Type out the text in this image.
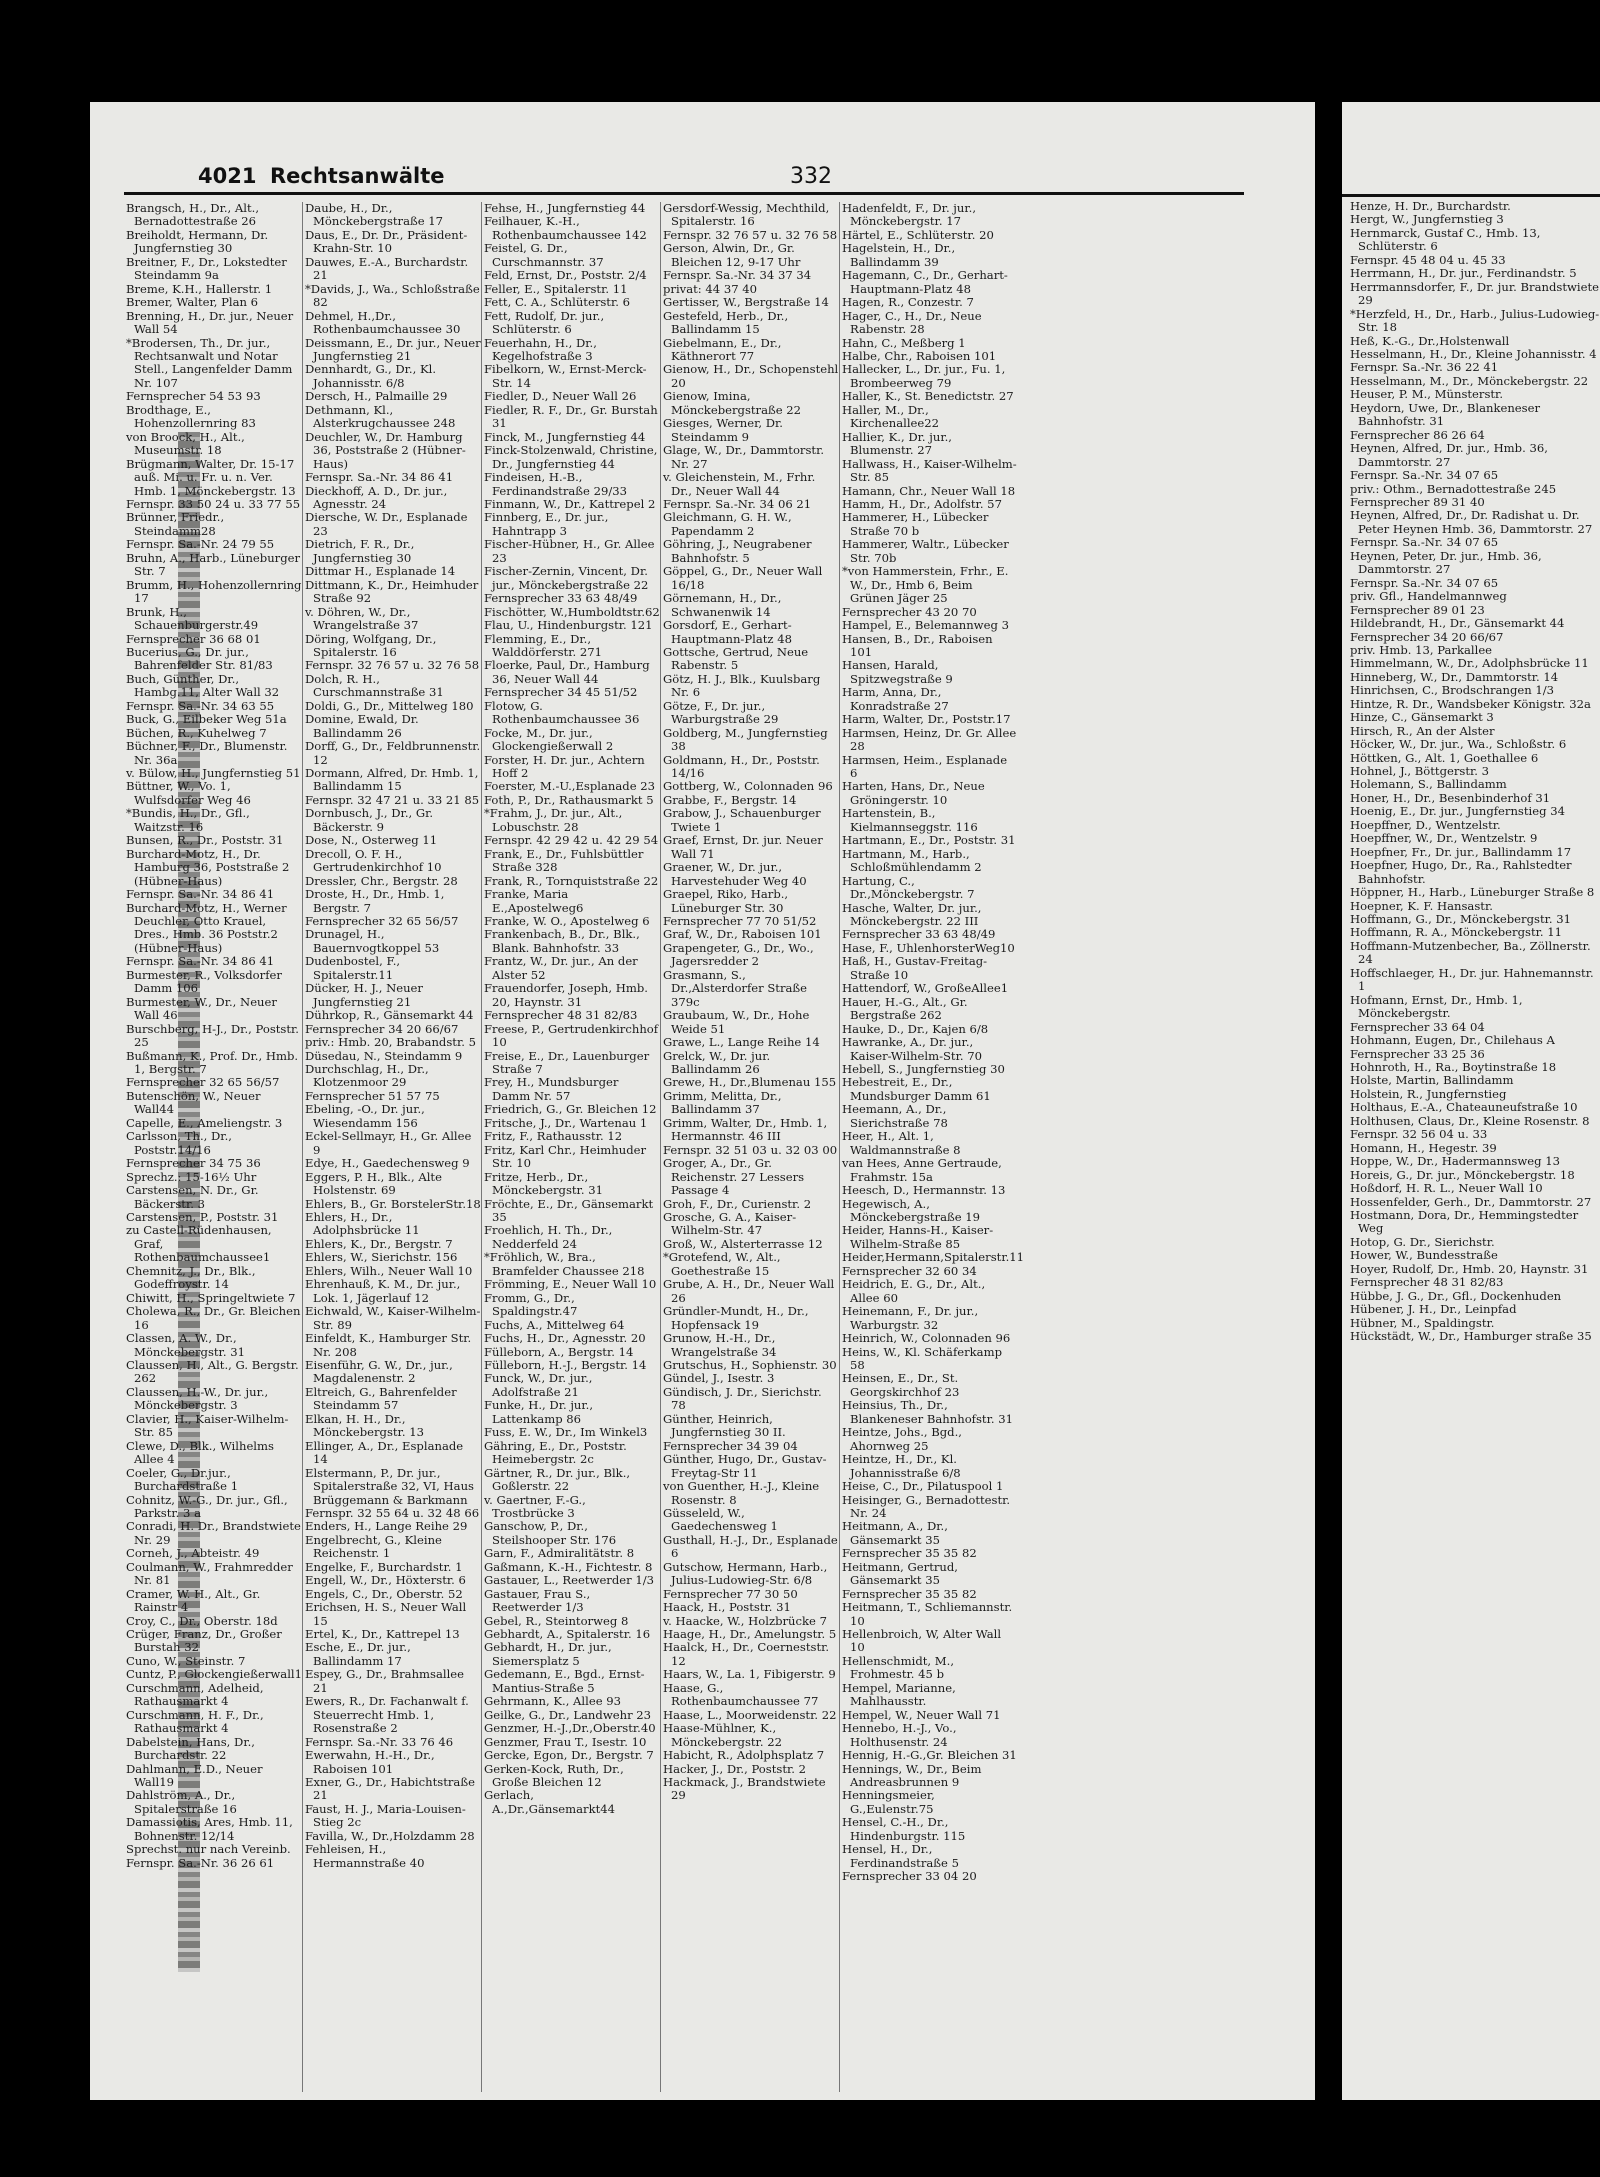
4021 Rechtsanwälte	332
Brangsch, H., Dr., Alt., Bernadottestraße 26
Breiholdt, Hermann, Dr. Jungfernstieg 30
Breitner, F., Dr., Lokstedter Steindamm 9a
Breme, K.H., Hallerstr. 1
Bremer, Walter, Plan 6
Brenning, H., Dr. jur., Neuer Wall 54
*Brodersen, Th., Dr. jur., Rechtsanwalt und Notar Stell., Langenfelder Damm Nr. 107
Fernsprecher 54 53 93
Brodthage, E., Hohenzollernring 83
von Broock, H., Alt., Museumstr. 18
Brügmann, Walter, Dr. 15-17 auß. Mi. u. Fr. u. n. Ver. Hmb. 1, Mönckebergstr. 13
Fernspr. 33 50 24 u. 33 77 55
Brünner, Friedr., Steindamm28
Fernspr. Sa.-Nr. 24 79 55
Bruhn, A., Harb., Lüneburger Str. 7
Brumm, H., Hohenzollernring 17
Brunk, H., Schauenburgerstr.49
Fernsprecher 36 68 01
Bucerius, G., Dr. jur., Bahrenfelder Str. 81/83
Buch, Günther, Dr., Hambg.11, Alter Wall 32
Fernspr. Sa.-Nr. 34 63 55
Buck, G., Eilbeker Weg 51a
Büchen, R., Kuhelweg 7
Büchner, F., Dr., Blumenstr. Nr. 36a
v. Bülow, H., Jungfernstieg 51
Büttner, W., Vo. 1, Wulfsdorfer Weg 46
*Bundis, H., Dr., Gfl., Waitzstr. 16
Bunsen, R., Dr., Poststr. 31
Burchard-Motz, H., Dr. Hamburg 36, Poststraße 2 (Hübner-Haus)
Fernspr. Sa.-Nr. 34 86 41
Burchard-Motz, H., Werner Deuchler, Otto Krauel, Dres., Hmb. 36 Poststr.2 (Hübner-Haus)
Fernspr. Sa.-Nr. 34 86 41
Burmester, R., Volksdorfer Damm 106
Burmester, W., Dr., Neuer Wall 46
Burschberg, H-J., Dr., Poststr. 25
Bußmann, K., Prof. Dr., Hmb. 1, Bergstr. 7
Fernsprecher 32 65 56/57
Butenschön, W., Neuer Wall44
Capelle, E., Ameliengstr. 3
Carlsson, Th., Dr., Poststr.14/16
Fernsprecher 34 75 36
Sprechz.: 15-16½ Uhr
Carstensen, N. Dr., Gr. Bäckerstr. 3
Carstensen, P., Poststr. 31
zu Castell-Rüdenhausen, Graf, Rothenbaumchaussee1
Chemnitz, J., Dr., Blk., Godeffroystr. 14
Chiwitt, H., Springeltwiete 7
Cholewa, R., Dr., Gr. Bleichen 16
Classen, A. W., Dr., Mönckebergstr. 31
Claussen, H., Alt., G. Bergstr. 262
Claussen, H.-W., Dr. jur., Mönckebergstr. 3
Clavier, H., Kaiser-Wilhelm-Str. 85
Clewe, D., Blk., Wilhelms Allee 4
Coeler, G., Dr.jur., Burchardstraße 1
Cohnitz, W.-G., Dr. jur., Gfl., Parkstr. 3 a
Conradi, H. Dr., Brandstwiete Nr. 29
Corneh, J., Abteistr. 49
Coulmann, W., Frahmredder Nr. 81
Cramer, W. H., Alt., Gr. Rainstr 4
Croy, C., Dr., Oberstr. 18d
Crüger, Franz, Dr., Großer Burstah 32
Cuno, W., Steinstr. 7
Cuntz, P., Glockengießerwall1
Curschmann, Adelheid, Rathausmarkt 4
Curschmann, H. F., Dr., Rathausmarkt 4
Dabelstein, Hans, Dr., Burchardstr. 22
Dahlmann, E.D., Neuer Wall19
Dahlström, A., Dr., Spitalerstraße 16
Damassiotis, Ares, Hmb. 11, Bohnenstr. 12/14
Sprechst. nur nach Vereinb.
Fernspr. Sa.-Nr. 36 26 61
Daube, H., Dr., Mönckebergstraße 17
Daus, E., Dr. Dr., Präsident-Krahn-Str. 10
Dauwes, E.-A., Burchardstr. 21
*Davids, J., Wa., Schloßstraße 82
Dehmel, H.,Dr., Rothenbaumchaussee 30
Deissmann, E., Dr. jur., Neuer Jungfernstieg 21
Dennhardt, G., Dr., Kl. Johannisstr. 6/8
Dersch, H., Palmaille 29
Dethmann, Kl., Alsterkrugchaussee 248
Deuchler, W., Dr. Hamburg 36, Poststraße 2 (Hübner-Haus)
Fernspr. Sa.-Nr. 34 86 41
Dieckhoff, A. D., Dr. jur., Agnesstr. 24
Diersche, W. Dr., Esplanade 23
Dietrich, F. R., Dr., Jungfernstieg 30
Dittmar H., Esplanade 14
Dittmann, K., Dr., Heimhuder Straße 92
v. Döhren, W., Dr., Wrangelstraße 37
Döring, Wolfgang, Dr., Spitalerstr. 16
Fernspr. 32 76 57 u. 32 76 58
Dolch, R. H., Curschmannstraße 31
Doldi, G., Dr., Mittelweg 180
Domine, Ewald, Dr. Ballindamm 26
Dorff, G., Dr., Feldbrunnenstr. 12
Dormann, Alfred, Dr. Hmb. 1, Ballindamm 15
Fernspr. 32 47 21 u. 33 21 85
Dornbusch, J., Dr., Gr. Bäckerstr. 9
Dose, N., Osterweg 11
Drecoll, O. F. H., Gertrudenkirchhof 10
Dressler, Chr., Bergstr. 28
Droste, H., Dr., Hmb. 1, Bergstr. 7
Fernsprecher 32 65 56/57
Drunagel, H., Bauernvogtkoppel 53
Dudenbostel, F., Spitalerstr.11
Dücker, H. J., Neuer Jungfernstieg 21
Dührkop, R., Gänsemarkt 44
Fernsprecher 34 20 66/67
priv.: Hmb. 20, Brabandstr. 5
Düsedau, N., Steindamm 9
Durchschlag, H., Dr., Klotzenmoor 29
Fernsprecher 51 57 75
Ebeling, -O., Dr. jur., Wiesendamm 156
Eckel-Sellmayr, H., Gr. Allee 9
Edye, H., Gaedechensweg 9
Eggers, P. H., Blk., Alte Holstenstr. 69
Ehlers, B., Gr. BorstelerStr.18
Ehlers, H., Dr., Adolphsbrücke 11
Ehlers, K., Dr., Bergstr. 7
Ehlers, W., Sierichstr. 156
Ehlers, Wilh., Neuer Wall 10
Ehrenhauß, K. M., Dr. jur., Lok. 1, Jägerlauf 12
Eichwald, W., Kaiser-Wilhelm-Str. 89
Einfeldt, K., Hamburger Str. Nr. 208
Eisenführ, G. W., Dr., jur., Magdalenenstr. 2
Eltreich, G., Bahrenfelder Steindamm 57
Elkan, H. H., Dr., Mönckebergstr. 13
Ellinger, A., Dr., Esplanade 14
Elstermann, P., Dr. jur., Spitalerstraße 32, VI, Haus Brüggemann & Barkmann
Fernspr. 32 55 64 u. 32 48 66
Enders, H., Lange Reihe 29
Engelbrecht, G., Kleine Reichenstr. 1
Engelke, F., Burchardstr. 1
Engell, W., Dr., Höxterstr. 6
Engels, C., Dr., Oberstr. 52
Erichsen, H. S., Neuer Wall 15
Ertel, K., Dr., Kattrepel 13
Esche, E., Dr. jur., Ballindamm 17
Espey, G., Dr., Brahmsallee 21
Ewers, R., Dr. Fachanwalt f. Steuerrecht Hmb. 1, Rosenstraße 2
Fernspr. Sa.-Nr. 33 76 46
Ewerwahn, H.-H., Dr., Raboisen 101
Exner, G., Dr., Habichtstraße 21
Faust, H. J., Maria-Louisen-Stieg 2c
Favilla, W., Dr.,Holzdamm 28
Fehleisen, H., Hermannstraße 40
Fehse, H., Jungfernstieg 44
Feilhauer, K.-H., Rothenbaumchaussee 142
Feistel, G. Dr., Curschmannstr. 37
Feld, Ernst, Dr., Poststr. 2/4
Feller, E., Spitalerstr. 11
Fett, C. A., Schlüterstr. 6
Fett, Rudolf, Dr. jur., Schlüterstr. 6
Feuerhahn, H., Dr., Kegelhofstraße 3
Fibelkorn, W., Ernst-Merck-Str. 14
Fiedler, D., Neuer Wall 26
Fiedler, R. F., Dr., Gr. Burstah 31
Finck, M., Jungfernstieg 44
Finck-Stolzenwald, Christine, Dr., Jungfernstieg 44
Findeisen, H.-B., Ferdinandstraße 29/33
Finmann, W., Dr., Kattrepel 2
Finnberg, E., Dr. jur., Hahntrapp 3
Fischer-Hübner, H., Gr. Allee 23
Fischer-Zernin, Vincent, Dr. jur., Mönckebergstraße 22
Fernsprecher 33 63 48/49
Fischötter, W.,Humboldtstr.62
Flau, U., Hindenburgstr. 121
Flemming, E., Dr., Walddörferstr. 271
Floerke, Paul, Dr., Hamburg 36, Neuer Wall 44
Fernsprecher 34 45 51/52
Flotow, G. Rothenbaumchaussee 36
Focke, M., Dr. jur., Glockengießerwall 2
Forster, H. Dr. jur., Achtern Hoff 2
Foerster, M.-U.,Esplanade 23
Foth, P., Dr., Rathausmarkt 5
*Frahm, J., Dr. jur., Alt., Lobuschstr. 28
Fernspr. 42 29 42 u. 42 29 54
Frank, E., Dr., Fuhlsbüttler Straße 328
Frank, R., Tornquiststraße 22
Franke, Maria E.,Apostelweg6
Franke, W. O., Apostelweg 6
Frankenbach, B., Dr., Blk., Blank. Bahnhofstr. 33
Frantz, W., Dr. jur., An der Alster 52
Frauendorfer, Joseph, Hmb. 20, Haynstr. 31
Fernsprecher 48 31 82/83
Freese, P., Gertrudenkirchhof 10
Freise, E., Dr., Lauenburger Straße 7
Frey, H., Mundsburger Damm Nr. 57
Friedrich, G., Gr. Bleichen 12
Fritsche, J., Dr., Wartenau 1
Fritz, F., Rathausstr. 12
Fritz, Karl Chr., Heimhuder Str. 10
Fritze, Herb., Dr., Mönckebergstr. 31
Fröchte, E., Dr., Gänsemarkt 35
Froehlich, H. Th., Dr., Nedderfeld 24
*Fröhlich, W., Bra., Bramfelder Chaussee 218
Frömming, E., Neuer Wall 10
Fromm, G., Dr., Spaldingstr.47
Fuchs, A., Mittelweg 64
Fuchs, H., Dr., Agnesstr. 20
Fülleborn, A., Bergstr. 14
Fülleborn, H.-J., Bergstr. 14
Funck, W., Dr. jur., Adolfstraße 21
Funke, H., Dr. jur., Lattenkamp 86
Fuss, E. W., Dr., Im Winkel3
Gähring, E., Dr., Poststr. Heimebergstr. 2c
Gärtner, R., Dr. jur., Blk., Goßlerstr. 22
v. Gaertner, F.-G., Trostbrücke 3
Ganschow, P., Dr., Steilshooper Str. 176
Garn, F., Admiralitätstr. 8
Gaßmann, K.-H., Fichtestr. 8
Gastauer, L., Reetwerder 1/3
Gastauer, Frau S., Reetwerder 1/3
Gebel, R., Steintorweg 8
Gebhardt, A., Spitalerstr. 16
Gebhardt, H., Dr. jur., Siemersplatz 5
Gedemann, E., Bgd., Ernst-Mantius-Straße 5
Gehrmann, K., Allee 93
Geilke, G., Dr., Landwehr 23
Genzmer, H.-J.,Dr.,Oberstr.40
Genzmer, Frau T., Isestr. 10
Gercke, Egon, Dr., Bergstr. 7
Gerken-Kock, Ruth, Dr., Große Bleichen 12
Gerlach, A.,Dr.,Gänsemarkt44
Gersdorf-Wessig, Mechthild, Spitalerstr. 16
Fernspr. 32 76 57 u. 32 76 58
Gerson, Alwin, Dr., Gr. Bleichen 12, 9-17 Uhr
Fernspr. Sa.-Nr. 34 37 34
privat: 44 37 40
Gertisser, W., Bergstraße 14
Gestefeld, Herb., Dr., Ballindamm 15
Giebelmann, E., Dr., Käthnerort 77
Gienow, H., Dr., Schopenstehl 20
Gienow, Imina, Mönckebergstraße 22
Giesges, Werner, Dr. Steindamm 9
Glage, W., Dr., Dammtorstr. Nr. 27
v. Gleichenstein, M., Frhr. Dr., Neuer Wall 44
Fernspr. Sa.-Nr. 34 06 21
Gleichmann, G. H. W., Papendamm 2
Göhring, J., Neugrabener Bahnhofstr. 5
Göppel, G., Dr., Neuer Wall 16/18
Görnemann, H., Dr., Schwanenwik 14
Gorsdorf, E., Gerhart-Hauptmann-Platz 48
Gottsche, Gertrud, Neue Rabenstr. 5
Götz, H. J., Blk., Kuulsbarg Nr. 6
Götze, F., Dr. jur., Warburgstraße 29
Goldberg, M., Jungfernstieg 38
Goldmann, H., Dr., Poststr. 14/16
Gottberg, W., Colonnaden 96
Grabbe, F., Bergstr. 14
Grabow, J., Schauenburger Twiete 1
Graef, Ernst, Dr. jur. Neuer Wall 71
Graener, W., Dr. jur., Harvestehuder Weg 40
Graepel, Riko, Harb., Lüneburger Str. 30
Fernsprecher 77 70 51/52
Graf, W., Dr., Raboisen 101
Grapengeter, G., Dr., Wo., Jagersredder 2
Grasmann, S., Dr.,Alsterdorfer Straße 379c
Graubaum, W., Dr., Hohe Weide 51
Grawe, L., Lange Reihe 14
Grelck, W., Dr. jur. Ballindamm 26
Grewe, H., Dr.,Blumenau 155
Grimm, Melitta, Dr., Ballindamm 37
Grimm, Walter, Dr., Hmb. 1, Hermannstr. 46 III
Fernspr. 32 51 03 u. 32 03 00
Groger, A., Dr., Gr. Reichenstr. 27 Lessers Passage 4
Groh, F., Dr., Curienstr. 2
Grosche, G. A., Kaiser-Wilhelm-Str. 47
Groß, W., Alsterterrasse 12
*Grotefend, W., Alt., Goethestraße 15
Grube, A. H., Dr., Neuer Wall 26
Gründler-Mundt, H., Dr., Hopfensack 19
Grunow, H.-H., Dr., Wrangelstraße 34
Grutschus, H., Sophienstr. 30
Gündel, J., Isestr. 3
Gündisch, J. Dr., Sierichstr. 78
Günther, Heinrich, Jungfernstieg 30 II.
Fernsprecher 34 39 04
Günther, Hugo, Dr., Gustav-Freytag-Str 11
von Guenther, H.-J., Kleine Rosenstr. 8
Güsseleld, W., Gaedechensweg 1
Gusthall, H.-J., Dr., Esplanade 6
Gutschow, Hermann, Harb., Julius-Ludowieg-Str. 6/8
Fernsprecher 77 30 50
Haack, H., Poststr. 31
v. Haacke, W., Holzbrücke 7
Haage, H., Dr., Amelungstr. 5
Haalck, H., Dr., Coerneststr. 12
Haars, W., La. 1, Fibigerstr. 9
Haase, G., Rothenbaumchaussee 77
Haase, L., Moorweidenstr. 22
Haase-Mühlner, K., Mönckebergstr. 22
Habicht, R., Adolphsplatz 7
Hacker, J., Dr., Poststr. 2
Hackmack, J., Brandstwiete 29
Hadenfeldt, F., Dr. jur., Mönckebergstr. 17
Härtel, E., Schlüterstr. 20
Hagelstein, H., Dr., Ballindamm 39
Hagemann, C., Dr., Gerhart-Hauptmann-Platz 48
Hagen, R., Conzestr. 7
Hager, C., H., Dr., Neue Rabenstr. 28
Hahn, C., Meßberg 1
Halbe, Chr., Raboisen 101
Hallecker, L., Dr. jur., Fu. 1, Brombeerweg 79
Haller, K., St. Benedictstr. 27
Haller, M., Dr., Kirchenallee22
Hallier, K., Dr. jur., Blumenstr. 27
Hallwass, H., Kaiser-Wilhelm-Str. 85
Hamann, Chr., Neuer Wall 18
Hamm, H., Dr., Adolfstr. 57
Hammerer, H., Lübecker Straße 70 b
Hammerer, Waltr., Lübecker Str. 70b
*von Hammerstein, Frhr., E. W., Dr., Hmb 6, Beim Grünen Jäger 25
Fernsprecher 43 20 70
Hampel, E., Belemannweg 3
Hansen, B., Dr., Raboisen 101
Hansen, Harald, Spitzwegstraße 9
Harm, Anna, Dr., Konradstraße 27
Harm, Walter, Dr., Poststr.17
Harmsen, Heinz, Dr. Gr. Allee 28
Harmsen, Heim., Esplanade 6
Harten, Hans, Dr., Neue Gröningerstr. 10
Hartenstein, B., Kielmannseggstr. 116
Hartmann, E., Dr., Poststr. 31
Hartmann, M., Harb., Schloßmühlendamm 2
Hartung, C., Dr.,Mönckebergstr. 7
Hasche, Walter, Dr. jur., Mönckebergstr. 22 III
Fernsprecher 33 63 48/49
Hase, F., UhlenhorsterWeg10
Haß, H., Gustav-Freitag-Straße 10
Hattendorf, W., GroßeAllee1
Hauer, H.-G., Alt., Gr. Bergstraße 262
Hauke, D., Dr., Kajen 6/8
Hawranke, A., Dr. jur., Kaiser-Wilhelm-Str. 70
Hebell, S., Jungfernstieg 30
Hebestreit, E., Dr., Mundsburger Damm 61
Heemann, A., Dr., Sierichstraße 78
Heer, H., Alt. 1, Waldmannstraße 8
van Hees, Anne Gertraude, Frahmstr. 15a
Heesch, D., Hermannstr. 13
Hegewisch, A., Mönckebergstraße 19
Heider, Hanns-H., Kaiser-Wilhelm-Straße 85
Heider,Hermann,Spitalerstr.11
Fernsprecher 32 60 34
Heidrich, E. G., Dr., Alt., Allee 60
Heinemann, F., Dr. jur., Warburgstr. 32
Heinrich, W., Colonnaden 96
Heins, W., Kl. Schäferkamp 58
Heinsen, E., Dr., St. Georgskirchhof 23
Heinsius, Th., Dr., Blankeneser Bahnhofstr. 31
Heintze, Johs., Bgd., Ahornweg 25
Heintze, H., Dr., Kl. Johannisstraße 6/8
Heise, C., Dr., Pilatuspool 1
Heisinger, G., Bernadottestr. Nr. 24
Heitmann, A., Dr., Gänsemarkt 35
Fernsprecher 35 35 82
Heitmann, Gertrud, Gänsemarkt 35
Fernsprecher 35 35 82
Heitmann, T., Schliemannstr. 10
Hellenbroich, W, Alter Wall 10
Hellenschmidt, M., Frohmestr. 45 b
Hempel, Marianne, Mahlhausstr.
Hempel, W., Neuer Wall 71
Hennebo, H.-J., Vo., Holthusenstr. 24
Hennig, H.-G.,Gr. Bleichen 31
Hennings, W., Dr., Beim Andreasbrunnen 9
Henningsmeier, G.,Eulenstr.75
Hensel, C.-H., Dr., Hindenburgstr. 115
Hensel, H., Dr., Ferdinandstraße 5
Fernsprecher 33 04 20
Henze, H. Dr., Burchardstr.
Hergt, W., Jungfernstieg 3
Hernmarck, Gustaf C., Hmb. 13, Schlüterstr. 6
Fernspr. 45 48 04 u. 45 33
Herrmann, H., Dr. jur., Ferdinandstr. 5
Herrmannsdorfer, F., Dr. jur. Brandstwiete 29
*Herzfeld, H., Dr., Harb., Julius-Ludowieg-Str. 18
Heß, K.-G., Dr.,Holstenwall
Hesselmann, H., Dr., Kleine Johannisstr. 4
Fernspr. Sa.-Nr. 36 22 41
Hesselmann, M., Dr., Mönckebergstr. 22
Heuser, P. M., Münsterstr.
Heydorn, Uwe, Dr., Blankeneser Bahnhofstr. 31
Fernsprecher 86 26 64
Heynen, Alfred, Dr. jur., Hmb. 36, Dammtorstr. 27
Fernspr. Sa.-Nr. 34 07 65
priv.: Othm., Bernadottestraße 245
Fernsprecher 89 31 40
Heynen, Alfred, Dr., Dr. Radishat u. Dr. Peter Heynen Hmb. 36, Dammtorstr. 27
Fernspr. Sa.-Nr. 34 07 65
Heynen, Peter, Dr. jur., Hmb. 36, Dammtorstr. 27
Fernspr. Sa.-Nr. 34 07 65
priv. Gfl., Handelmannweg
Fernsprecher 89 01 23
Hildebrandt, H., Dr., Gänsemarkt 44
Fernsprecher 34 20 66/67
priv. Hmb. 13, Parkallee
Himmelmann, W., Dr., Adolphsbrücke 11
Hinneberg, W., Dr., Dammtorstr. 14
Hinrichsen, C., Brodschrangen 1/3
Hintze, R. Dr., Wandsbeker Königstr. 32a
Hinze, C., Gänsemarkt 3
Hirsch, R., An der Alster
Höcker, W., Dr. jur., Wa., Schloßstr. 6
Höttken, G., Alt. 1, Goethallee 6
Hohnel, J., Böttgerstr. 3
Holemann, S., Ballindamm
Honer, H., Dr., Besenbinderhof 31
Hoenig, E., Dr. jur., Jungfernstieg 34
Hoepffner, D., Wentzelstr.
Hoepffner, W., Dr., Wentzelstr. 9
Hoepfner, Fr., Dr. jur., Ballindamm 17
Hoepfner, Hugo, Dr., Ra., Rahlstedter Bahnhofstr.
Höppner, H., Harb., Lüneburger Straße 8
Hoepner, K. F. Hansastr.
Hoffmann, G., Dr., Mönckebergstr. 31
Hoffmann, R. A., Mönckebergstr. 11
Hoffmann-Mutzenbecher, Ba., Zöllnerstr. 24
Hoffschlaeger, H., Dr. jur. Hahnemannstr. 1
Hofmann, Ernst, Dr., Hmb. 1, Mönckebergstr.
Fernsprecher 33 64 04
Hohmann, Eugen, Dr., Chilehaus A
Fernsprecher 33 25 36
Hohnroth, H., Ra., Boytinstraße 18
Holste, Martin, Ballindamm
Holstein, R., Jungfernstieg
Holthaus, E.-A., Chateauneufstraße 10
Holthusen, Claus, Dr., Kleine Rosenstr. 8
Fernspr. 32 56 04 u. 33
Homann, H., Hegestr. 39
Hoppe, W., Dr., Hadermannsweg 13
Horeis, G., Dr. jur., Mönckebergstr. 18
Hoßdorf, H. R. L., Neuer Wall 10
Hossenfelder, Gerh., Dr., Dammtorstr. 27
Hostmann, Dora, Dr., Hemmingstedter Weg
Hotop, G. Dr., Sierichstr.
Hower, W., Bundesstraße
Hoyer, Rudolf, Dr., Hmb. 20, Haynstr. 31
Fernsprecher 48 31 82/83
Hübbe, J. G., Dr., Gfl., Dockenhuden
Hübener, J. H., Dr., Leinpfad
Hübner, M., Spaldingstr.
Hückstädt, W., Dr., Hamburger straße 35
